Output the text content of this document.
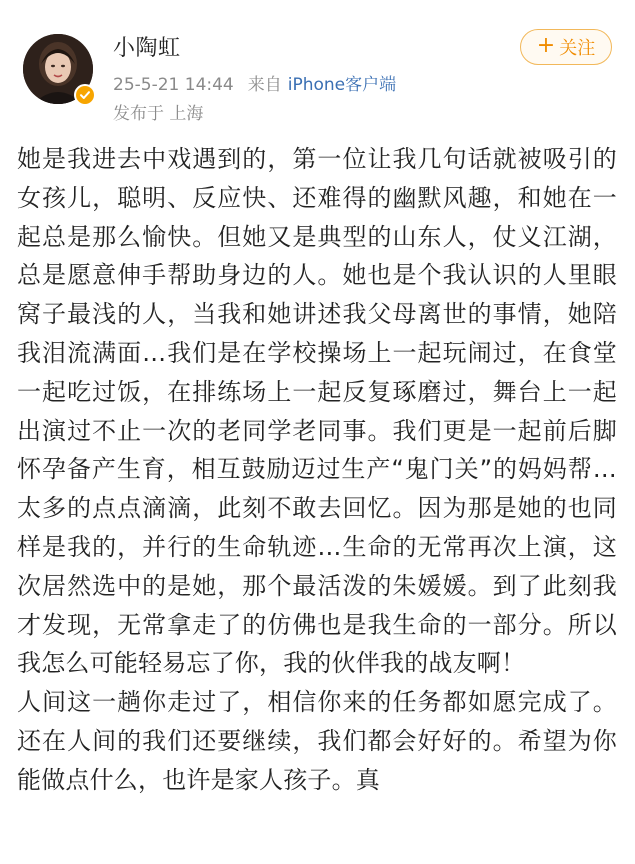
小陶虹
25-5-21 14:44 来自 iPhone客户端
发布于 上海
+ 关注

她是我进去中戏遇到的，第一位让我几句话就被吸引的女孩儿，聪明、反应快、还难得的幽默风趣，和她在一起总是那么愉快。但她又是典型的山东人，仗义江湖，总是愿意伸手帮助身边的人。她也是个我认识的人里眼窝子最浅的人，当我和她讲述我父母离世的事情，她陪我泪流满面…我们是在学校操场上一起玩闹过，在食堂一起吃过饭，在排练场上一起反复琢磨过，舞台上一起出演过不止一次的老同学老同事。我们更是一起前后脚怀孕备产生育，相互鼓励迈过生产“鬼门关”的妈妈帮…太多的点点滴滴，此刻不敢去回忆。因为那是她的也同样是我的，并行的生命轨迹…生命的无常再次上演，这次居然选中的是她，那个最活泼的朱媛媛。到了此刻我才发现，无常拿走了的仿佛也是我生命的一部分。所以我怎么可能轻易忘了你，我的伙伴我的战友啊！

人间这一趟你走过了，相信你来的任务都如愿完成了。还在人间的我们还要继续，我们都会好好的。希望为你能做点什么，也许是家人孩子。真
